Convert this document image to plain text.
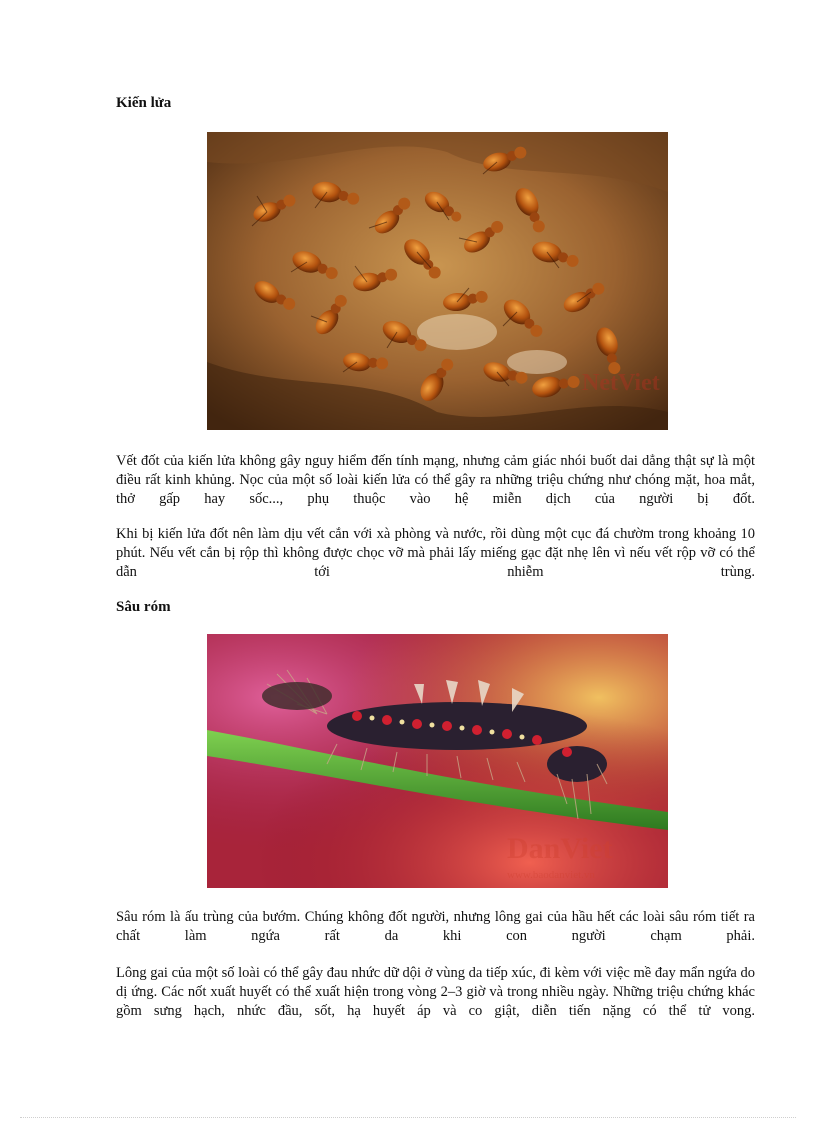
Kiến lửa
NetViet

Vết đốt của kiến lửa không gây nguy hiểm đến tính mạng, nhưng cảm giác nhói buốt dai dẳng thật sự là một điều rất kinh khủng. Nọc của một số loài kiến lửa có thể gây ra những triệu chứng như chóng mặt, hoa mắt, thở gấp hay sốc..., phụ thuộc vào hệ miễn dịch của người bị đốt.

Khi bị kiến lửa đốt nên làm dịu vết cắn với xà phòng và nước, rồi dùng một cục đá chườm trong khoảng 10 phút. Nếu vết cắn bị rộp thì không được chọc vỡ mà phải lấy miếng gạc đặt nhẹ lên vì nếu vết rộp vỡ có thể dẫn tới nhiễm trùng.

Sâu róm
DanViet
www.baodanviet.vn

Sâu róm là ấu trùng của bướm. Chúng không đốt người, nhưng lông gai của hầu hết các loài sâu róm tiết ra chất làm ngứa rất da khi con người chạm phải.

Lông gai của một số loài có thể gây đau nhức dữ dội ở vùng da tiếp xúc, đi kèm với việc mề đay mẩn ngứa do dị ứng. Các nốt xuất huyết có thể xuất hiện trong vòng 2–3 giờ và trong nhiều ngày. Những triệu chứng khác gồm sưng hạch, nhức đầu, sốt, hạ huyết áp và co giật, diễn tiến nặng có thể tử vong.
